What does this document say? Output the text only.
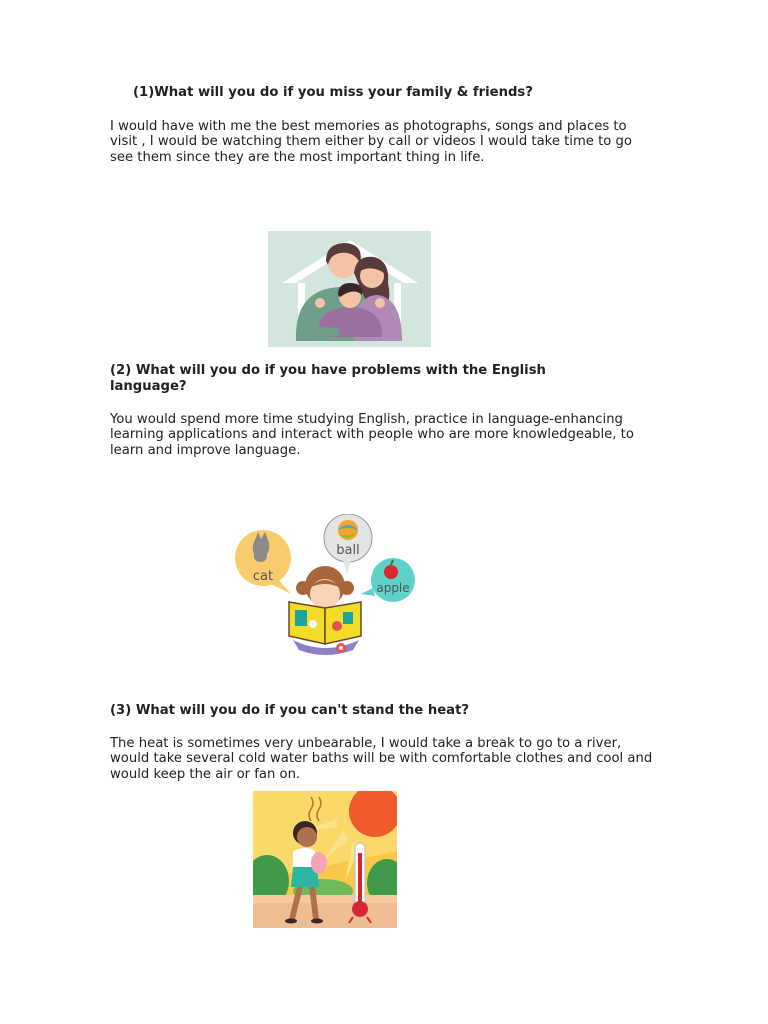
(1)What will you do if you miss your family & friends?

I would have with me the best memories as photographs, songs and places to visit , I would be watching them either by call or videos I would take time to go see them since they are the most important thing in life.

(2) What will you do if you have problems with the English language?

You would spend more time studying English, practice in language-enhancing learning applications and interact with people who are more knowledgeable, to learn and improve language.

cat
ball
apple
(3) What will you do if you can't stand the heat?

The heat is sometimes very unbearable, I would take a break to go to a river, would take several cold water baths will be with comfortable clothes and cool and would keep the air or fan on.
